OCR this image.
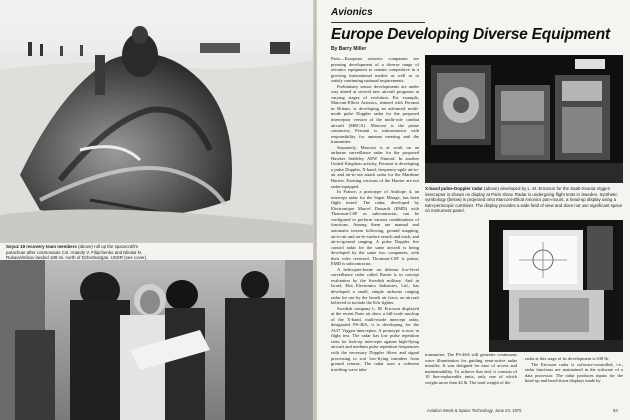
Soyuz 19 recovery team members (above) roll up the spacecraft's parachute after cosmonauts Col. Anatoly V. Filipchenko and Nikolai N. Rukavishnikov landed 188 mi. north of Dzhezkazgan, USSR (see cover).
Avionics
Europe Developing Diverse Equipment
By Barry Miller

Paris—European avionics companies are pressing development of a diverse range of avionics equipment to remain competitive in a growing international market as well as to satisfy continuing national requirements.

Preliminary sensor developments are under way aimed at several new aircraft programs in varying stages of evolution. For example, Marconi-Elliott Avionics, teamed with Ferranti in Britain, is developing an advanced multi-mode pulse Doppler radar for the proposed interceptor version of the multi-role combat aircraft (MRCA). Marconi is the prime contractor; Ferranti is subcontractor with responsibility for antenna meeting and the transmitter.

Separately, Marconi is at work on an airborne surveillance radar for the proposed Hawker Siddeley AEW Nimrod. In another United Kingdom activity, Ferranti is developing a pulse Doppler, X-band, frequency-agile air-to-air and air-to-sea attack radar for the Maritime Harrier. Existing versions of the Harrier are not radar-equipped.

In France, a prototype of Antilope 4, an intercept radar for the Super Mirage, has been flight tested. The radar, developed by Electronique Marcel Dassault (EMD) with Thomson-CSF as subcontractor, can be configured to perform various combinations of functions. Among them are manual and automatic terrain following, ground mapping, air-to-air and air-to-surface search and track, and air-to-ground ranging. A pulse Doppler fire control radar for the same aircraft is being developed by the same two companies, with their roles reversed. Thomson-CSF is prime; EMD is subcontractor.

A helicopter-borne air defense low-level surveillance radar called Raven is in concept evaluation by the Swedish military. And in Israel, Elta Electronics Industries, Ltd., has developed a small, simple airborne ranging radar for use by the Israeli air force, on aircraft believed to include the Kfir fighter.

Swedish company L. M. Ericsson displayed at the recent Paris air show a full-scale mockup of the X-band, multi-mode intercept radar, designated PS-46A, it is developing for the JA37 Viggen interceptor. A prototype is now in flight test. The radar has low pulse repetition rates for look-up intercepts against high-flying aircraft and medium pulse repetition frequencies with the necessary Doppler filters and signal processing to sort low-flying intruders from ground returns. The radar uses a coherent traveling wave tube

X-band pulse-Doppler radar (above) developed by L. M. Ericsson for the Saab-Scania Viggen interceptor is shown on display at Paris show. Radar is undergoing flight tests in Sweden. Synthetic symbology (below) is projected onto Marconi-Elliott Avionics pan-mount, a head-up display using a twin-periscopic combiner. The display provides a wide field of view and does not use significant space on instrument panel.

transmitter. The PS-46A will generate continuous wave illumination for guiding semi-active radar missiles. It was designed for ease of access and maintainability. To achieve that end, it consists of 10 line-replaceable units, only one of which weighs more than 44 lb. The total weight of the

radar at this stage of its development is 638 lb.

The Ericsson radar is software-controlled, i.e., radar functions are maintained in the software of a data processor. The radar produces inputs for the head-up and head-down displays made by

Aviation Week & Space Technology, June 23, 1975	53
